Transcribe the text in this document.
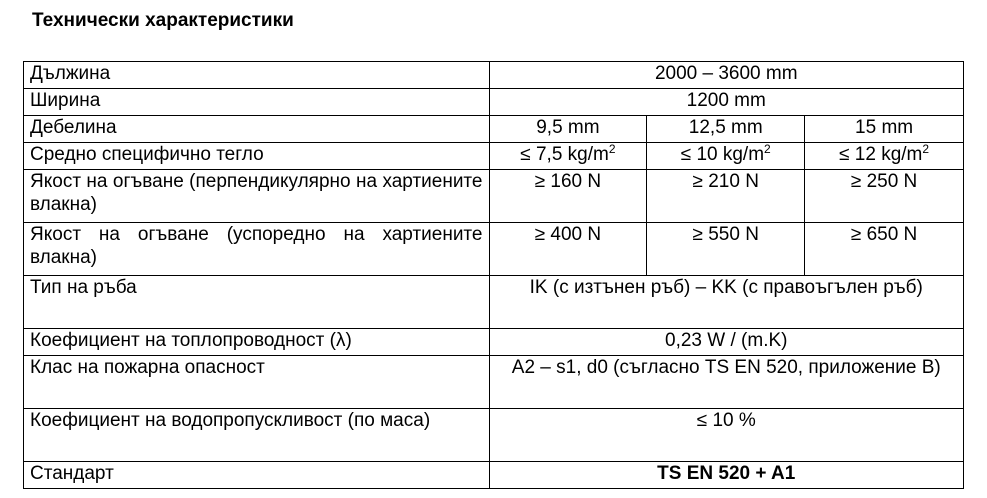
Технически характеристики
Дължина	2000 – 3600 mm		
Ширина	1200 mm		
Дебелина	9,5 mm	12,5 mm	15 mm
Средно специфично тегло	≤ 7,5 $kg/m^2$	≤ 10 $kg/m^2$	≤ 12 $kg/m^2$
Якост на огъване (перпендикулярно на хартиените влакна)	≥ 160 N	≥ 210 N	≥ 250 N
Якост на огъване (успоредно на хартиените влакна)	≥ 400 N	≥ 550 N	≥ 650 N
Тип на ръба	IK (с изтънен ръб) – KK (с правоъгълен ръб)		
Коефициент на топлопроводност (λ)	0,23 W / (m.K)		
Клас на пожарна опасност	A2 – s1, d0 (съгласно TS EN 520, приложение B)		
Коефициент на водопропускливост (по маса)	≤ 10 %		
Стандарт	TS EN 520 + A1		
